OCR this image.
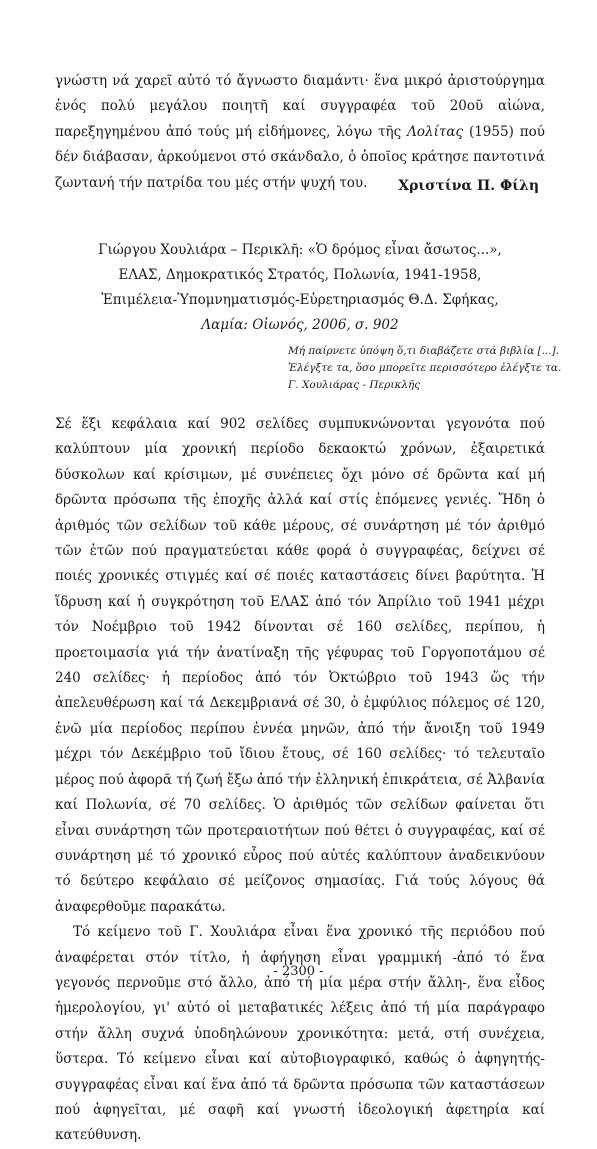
γνώστη νά χαρεῖ αὐτό τό ἄγνωστο διαμάντι· ἕνα μικρό ἀριστούργημα ἑνός πολύ μεγάλου ποιητῆ καί συγγραφέα τοῦ 20οῦ αἰώνα, παρεξηγημένου ἀπό τούς μή εἰδήμονες, λόγω τῆς Λολίτας (1955) πού δέν διάβασαν, ἀρκούμενοι στό σκάνδαλο, ὁ ὁποῖος κράτησε παντοτινά ζωντανή τήν πατρίδα του μές στήν ψυχή του.	Χριστίνα Π. Φίλη
Γιώργου Χουλιάρα – Περικλῆ: «Ὁ δρόμος εἶναι ἄσωτος...»,
ΕΛΑΣ, Δημοκρατικός Στρατός, Πολωνία, 1941-1958,
Ἐπιμέλεια-Ὑπομνηματισμός-Εὐρετηριασμός Θ.Δ. Σφήκας,
Λαμία: Οἰωνός, 2006, σ. 902
Μή παίρνετε ὑπόψη ὅ,τι διαβάζετε στά βιβλία [...].
Ἐλέγξτε τα, ὅσο μπορεῖτε περισσότερο ἐλέγξτε τα.
Γ. Χουλιάρας - Περικλῆς

Σέ ἕξι κεφάλαια καί 902 σελίδες συμπυκνώνονται γεγονότα πού καλύπτουν μία χρονική περίοδο δεκαοκτώ χρόνων, ἐξαιρετικά δύσκολων καί κρίσιμων, μέ συνέπειες ὄχι μόνο σέ δρῶντα καί μή δρῶντα πρόσωπα τῆς ἐποχῆς ἀλλά καί στίς ἑπόμενες γενιές. Ἤδη ὁ ἀριθμός τῶν σελίδων τοῦ κάθε μέρους, σέ συνάρτηση μέ τόν ἀριθμό τῶν ἐτῶν πού πραγματεύεται κάθε φορά ὁ συγγραφέας, δείχνει σέ ποιές χρονικές στιγμές καί σέ ποιές καταστάσεις δίνει βαρύτητα. Ἡ ἵδρυση καί ἡ συγκρότηση τοῦ ΕΛΑΣ ἀπό τόν Ἀπρίλιο τοῦ 1941 μέχρι τόν Νοέμβριο τοῦ 1942 δίνονται σέ 160 σελίδες, περίπου, ἡ προετοιμασία γιά τήν ἀνατίναξη τῆς γέφυρας τοῦ Γοργοποτάμου σέ 240 σελίδες· ἡ περίοδος ἀπό τόν Ὀκτώβριο τοῦ 1943 ὥς τήν ἀπελευθέρωση καί τά Δεκεμβριανά σέ 30, ὁ ἐμφύλιος πόλεμος σέ 120, ἐνῶ μία περίοδος περίπου ἐννέα μηνῶν, ἀπό τήν ἄνοιξη τοῦ 1949 μέχρι τόν Δεκέμβριο τοῦ ἴδιου ἔτους, σέ 160 σελίδες· τό τελευταῖο μέρος πού ἀφορᾶ τή ζωή ἔξω ἀπό τήν ἑλληνική ἐπικράτεια, σέ Ἀλβανία καί Πολωνία, σέ 70 σελίδες. Ὁ ἀριθμός τῶν σελίδων φαίνεται ὅτι εἶναι συνάρτηση τῶν προτεραιοτήτων πού θέτει ὁ συγγραφέας, καί σέ συνάρτηση μέ τό χρονικό εὖρος πού αὐτές καλύπτουν ἀναδεικνύουν τό δεύτερο κεφάλαιο σέ μείζονος σημασίας. Γιά τούς λόγους θά ἀναφερθοῦμε παρακάτω.

Τό κείμενο τοῦ Γ. Χουλιάρα εἶναι ἕνα χρονικό τῆς περιόδου πού ἀναφέρεται στόν τίτλο, ἡ ἀφήγηση εἶναι γραμμική -ἀπό τό ἕνα γεγονός περνοῦμε στό ἄλλο, ἀπό τή μία μέρα στήν ἄλλη-, ἕνα εἶδος ἡμερολογίου, γι' αὐτό οἱ μεταβατικές λέξεις ἀπό τή μία παράγραφο στήν ἄλλη συχνά ὑποδηλώνουν χρονικότητα: μετά, στή συνέχεια, ὕστερα. Τό κείμενο εἶναι καί αὐτοβιογραφικό, καθώς ὁ ἀφηγητής-συγγραφέας εἶναι καί ἕνα ἀπό τά δρῶντα πρόσωπα τῶν καταστάσεων πού ἀφηγεῖται, μέ σαφῆ καί γνωστή ἰδεολογική ἀφετηρία καί κατεύθυνση.

- 2300 -
